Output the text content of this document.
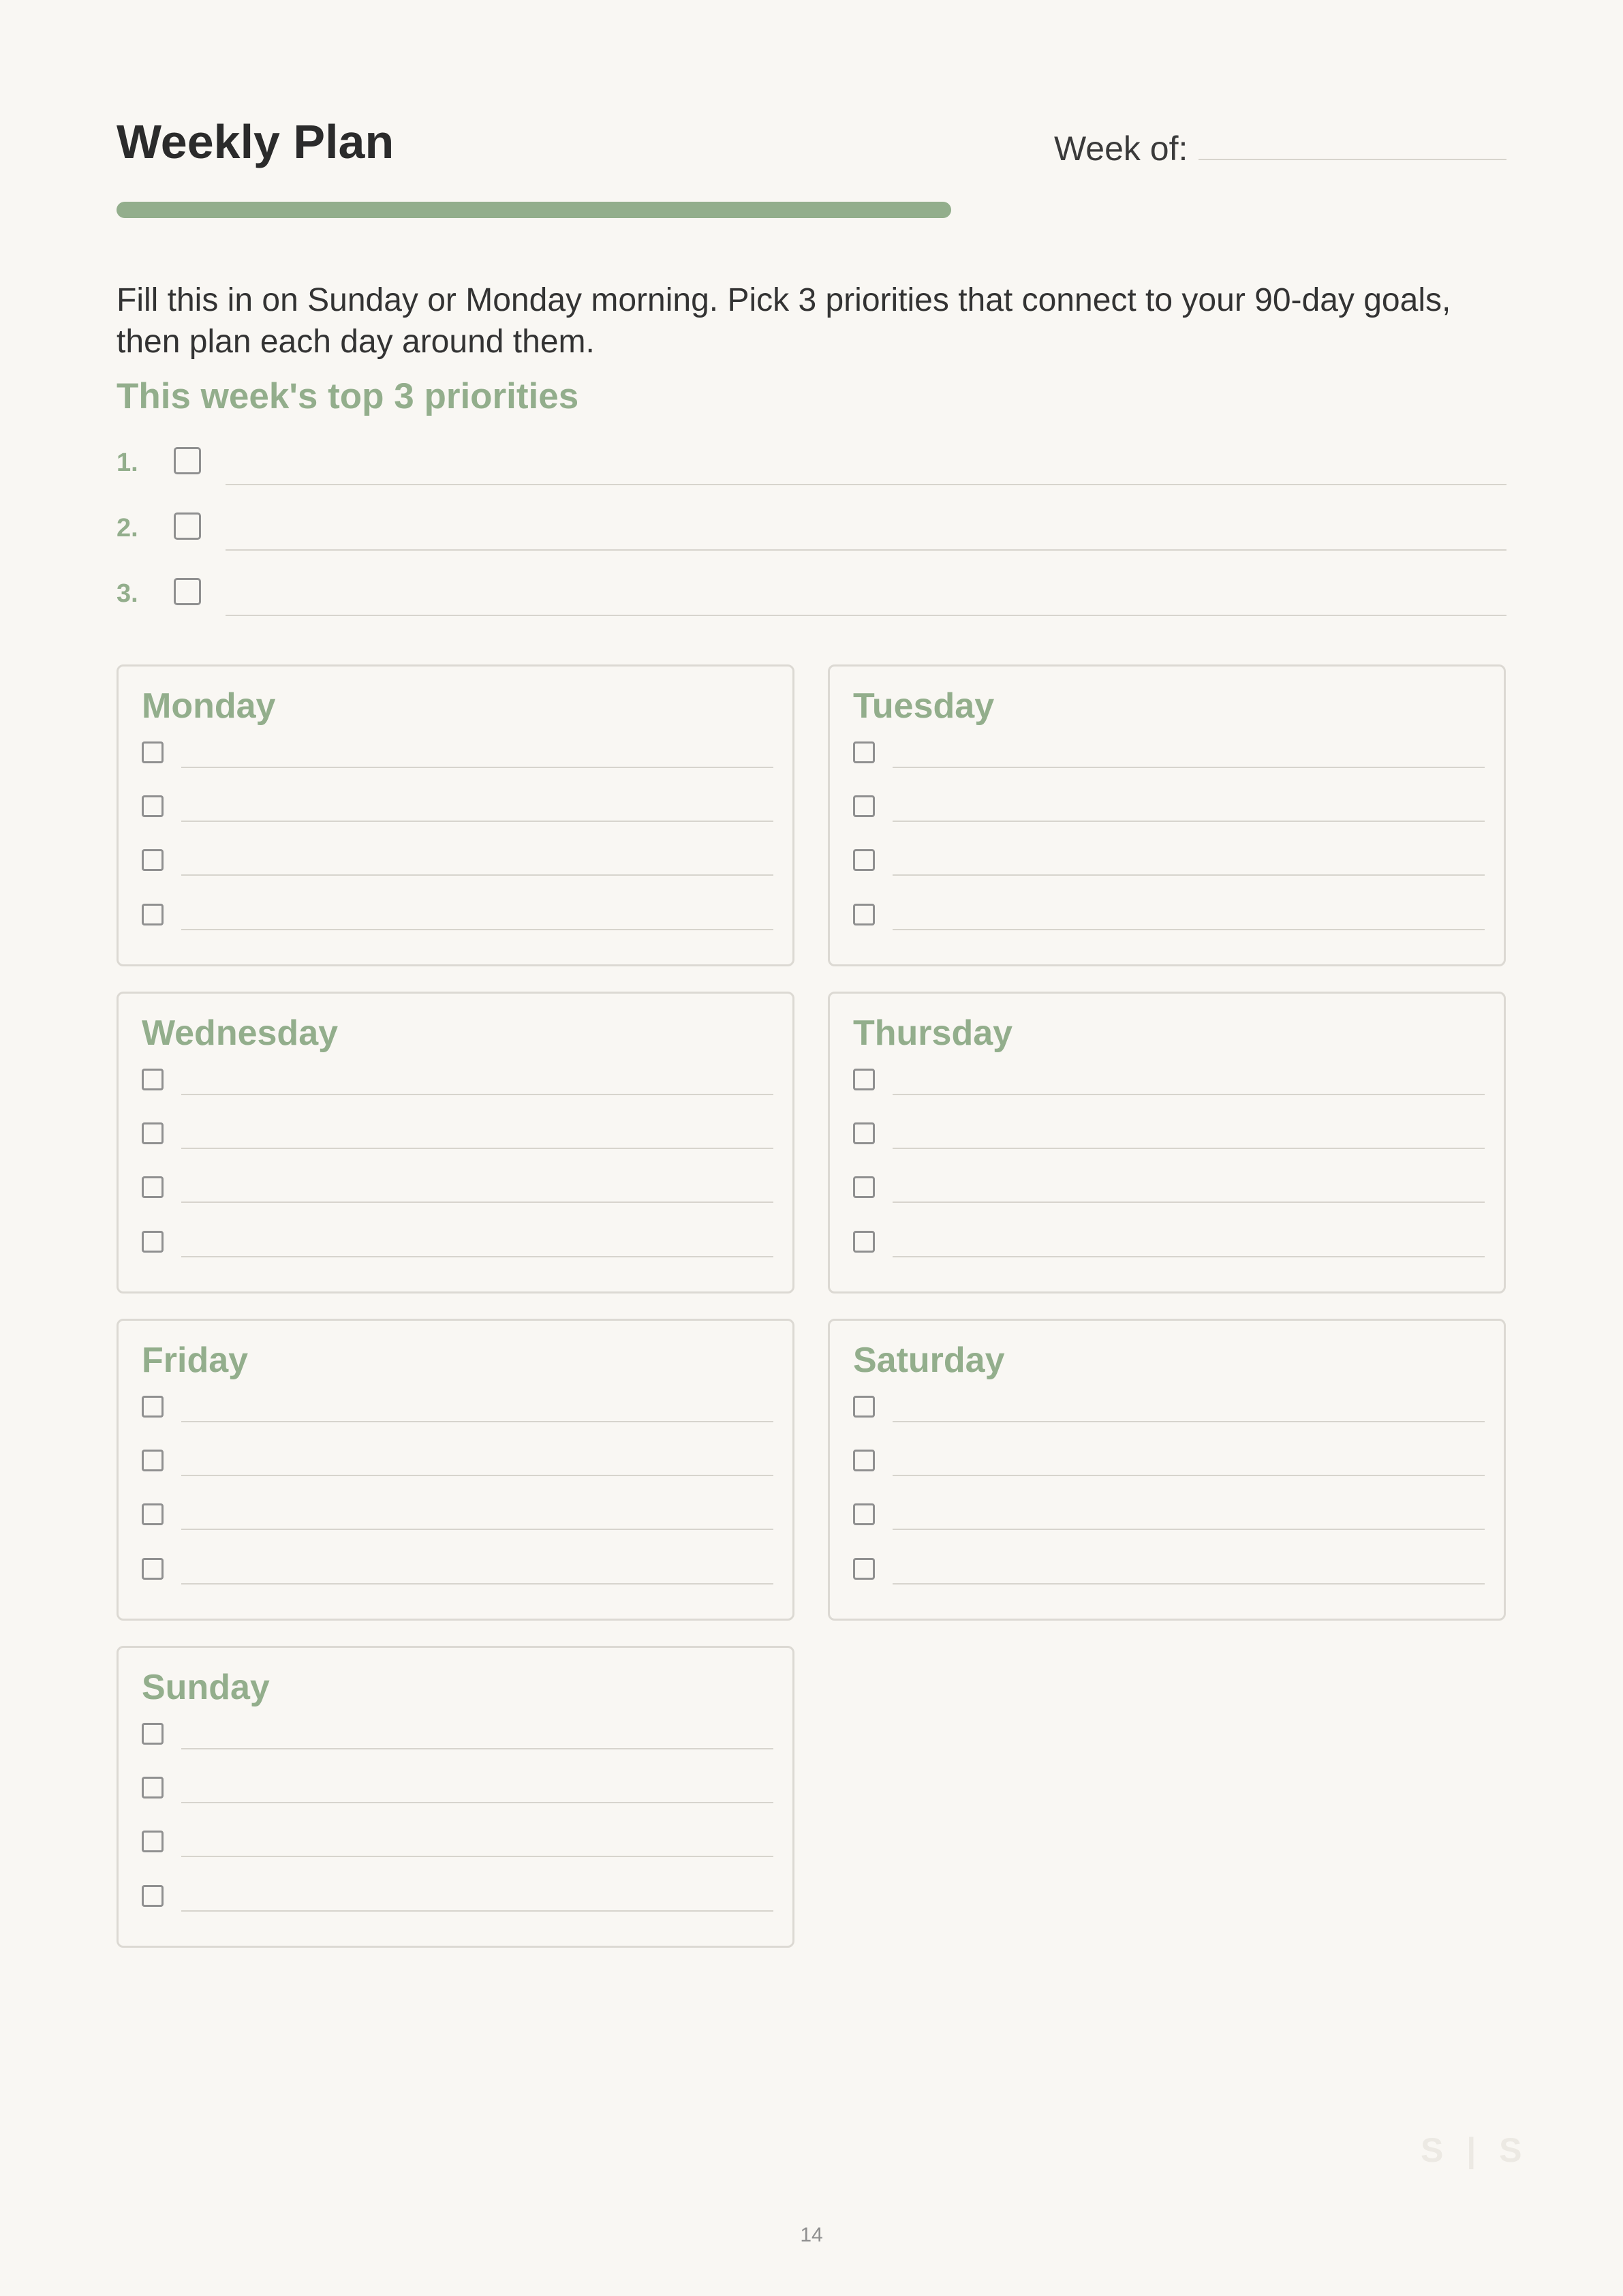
Weekly Plan	Week of:
Fill this in on Sunday or Monday morning. Pick 3 priorities that connect to your 90-day goals, then plan each day around them.
This week's top 3 priorities
1.
2.
3.
Monday	Tuesday
Wednesday	Thursday
Friday	Saturday
Sunday
S | S
14
